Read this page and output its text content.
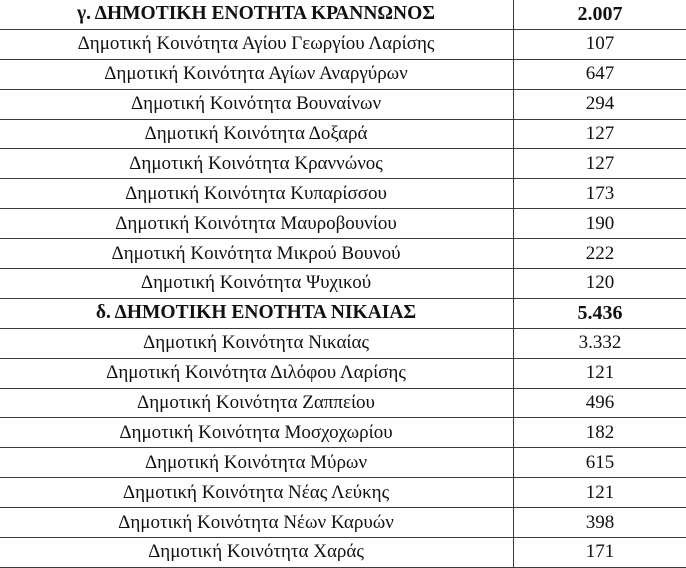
γ. ΔΗΜΟΤΙΚΗ ΕΝΟΤΗΤΑ ΚΡΑΝΝΩΝΟΣ	2.007
Δημοτική Κοινότητα Αγίου Γεωργίου Λαρίσης	107
Δημοτική Κοινότητα Αγίων Αναργύρων	647
Δημοτική Κοινότητα Βουναίνων	294
Δημοτική Κοινότητα Δοξαρά	127
Δημοτική Κοινότητα Κραννώνος	127
Δημοτική Κοινότητα Κυπαρίσσου	173
Δημοτική Κοινότητα Μαυροβουνίου	190
Δημοτική Κοινότητα Μικρού Βουνού	222
Δημοτική Κοινότητα Ψυχικού	120
δ. ΔΗΜΟΤΙΚΗ ΕΝΟΤΗΤΑ ΝΙΚΑΙΑΣ	5.436
Δημοτική Κοινότητα Νικαίας	3.332
Δημοτική Κοινότητα Διλόφου Λαρίσης	121
Δημοτική Κοινότητα Ζαππείου	496
Δημοτική Κοινότητα Μοσχοχωρίου	182
Δημοτική Κοινότητα Μύρων	615
Δημοτική Κοινότητα Νέας Λεύκης	121
Δημοτική Κοινότητα Νέων Καρυών	398
Δημοτική Κοινότητα Χαράς	171
